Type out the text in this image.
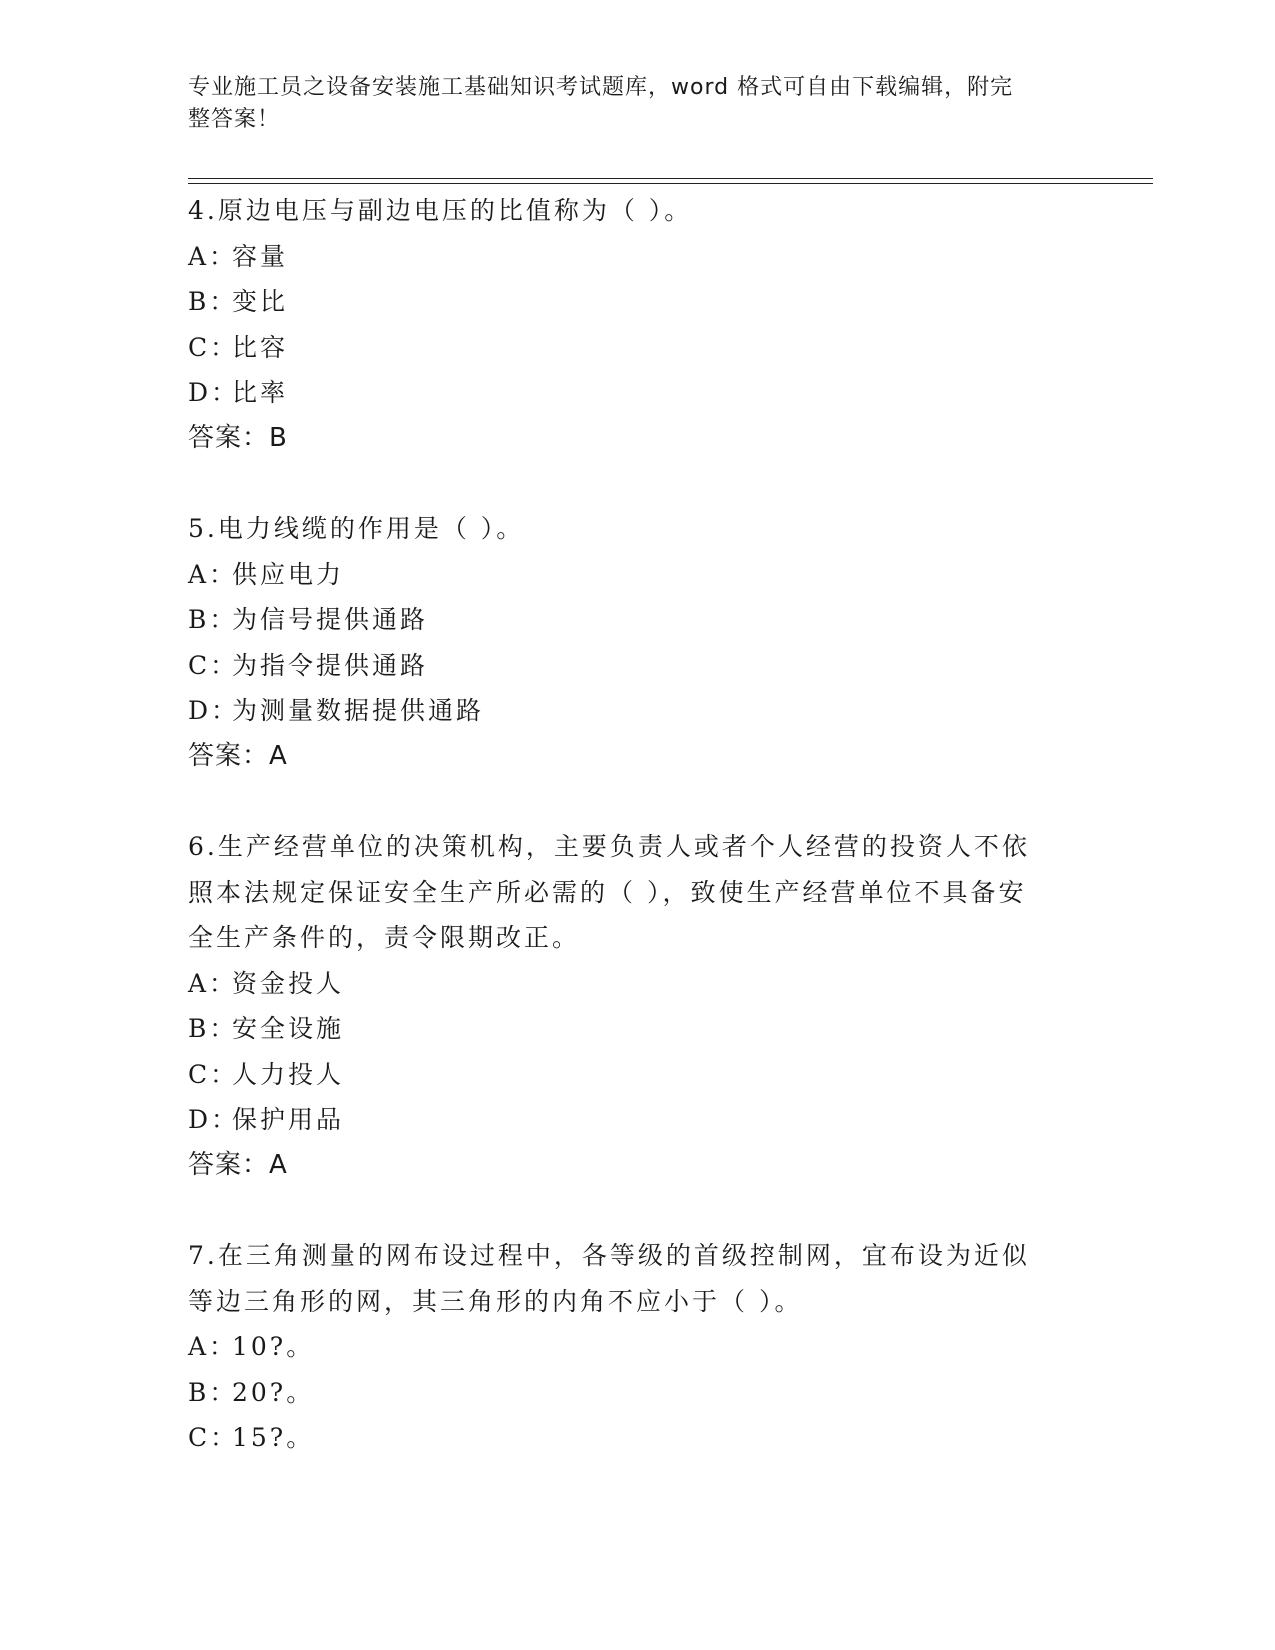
专业施工员之设备安装施工基础知识考试题库，word 格式可自由下载编辑，附完
整答案！
4.原边电压与副边电压的比值称为（ ）。
A：容量
B：变比
C：比容
D：比率
答案：B
5.电力线缆的作用是（ ）。
A：供应电力
B：为信号提供通路
C：为指令提供通路
D：为测量数据提供通路
答案：A
6.生产经营单位的决策机构，主要负责人或者个人经营的投资人不依
照本法规定保证安全生产所必需的（ ），致使生产经营单位不具备安
全生产条件的，责令限期改正。
A：资金投人
B：安全设施
C：人力投人
D：保护用品
答案：A
7.在三角测量的网布设过程中，各等级的首级控制网，宜布设为近似
等边三角形的网，其三角形的内角不应小于（ ）。
A：10?。
B：20?。
C：15?。
